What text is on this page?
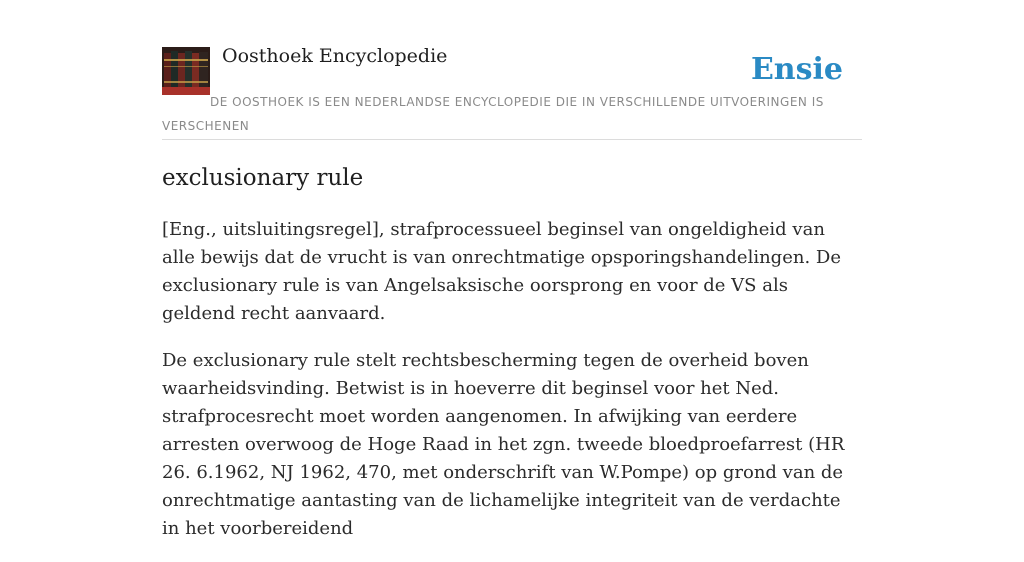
Oosthoek Encyclopedie	Ensie
DE OOSTHOEK IS EEN NEDERLANDSE ENCYCLOPEDIE DIE IN VERSCHILLENDE UITVOERINGEN IS VERSCHENEN
exclusionary rule

[Eng., uitsluitingsregel], strafprocessueel beginsel van ongeldigheid van alle bewijs dat de vrucht is van onrechtmatige opsporingshandelingen. De exclusionary rule is van Angelsaksische oorsprong en voor de VS als geldend recht aanvaard.

De exclusionary rule stelt rechtsbescherming tegen de overheid boven waarheidsvinding. Betwist is in hoeverre dit beginsel voor het Ned. strafprocesrecht moet worden aangenomen. In afwijking van eerdere arresten overwoog de Hoge Raad in het zgn. tweede bloedproefarrest (HR 26. 6.1962, NJ 1962, 470, met onderschrift van W.Pompe) op grond van de onrechtmatige aantasting van de lichamelijke integriteit van de verdachte in het voorbereidend
